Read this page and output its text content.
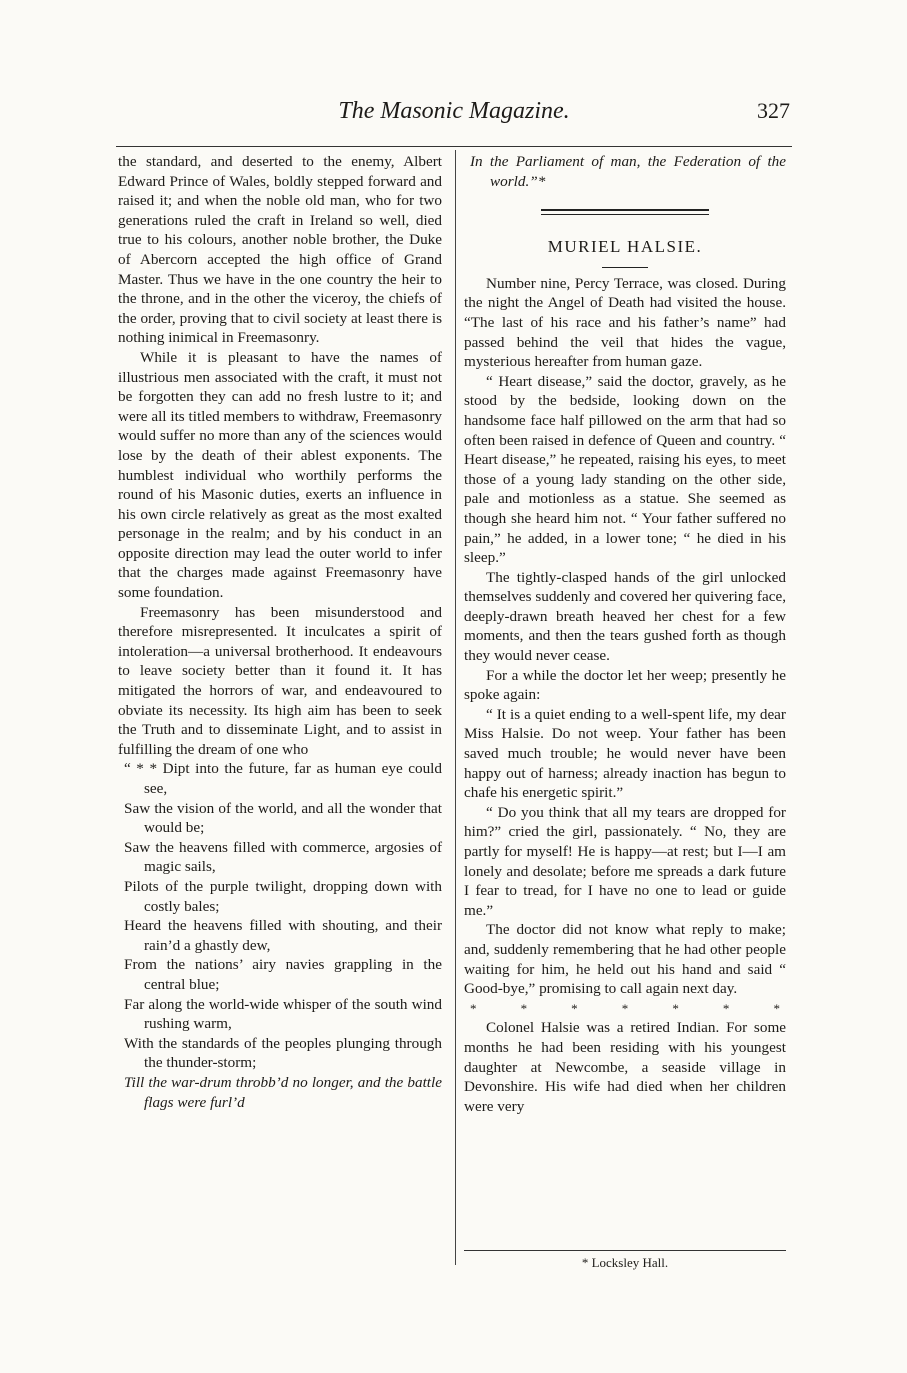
The Masonic Magazine.	327

the standard, and deserted to the enemy, Albert Edward Prince of Wales, boldly stepped forward and raised it; and when the noble old man, who for two generations ruled the craft in Ireland so well, died true to his colours, another noble brother, the Duke of Abercorn accepted the high office of Grand Master. Thus we have in the one country the heir to the throne, and in the other the viceroy, the chiefs of the order, proving that to civil society at least there is nothing inimical in Freemasonry.

While it is pleasant to have the names of illustrious men associated with the craft, it must not be forgotten they can add no fresh lustre to it; and were all its titled members to withdraw, Freemasonry would suffer no more than any of the sciences would lose by the death of their ablest exponents. The humblest individual who worthily performs the round of his Masonic duties, exerts an influence in his own circle relatively as great as the most exalted personage in the realm; and by his conduct in an opposite direction may lead the outer world to infer that the charges made against Freemasonry have some foundation.

Freemasonry has been misunderstood and therefore misrepresented. It inculcates a spirit of intoleration—a universal brotherhood. It endeavours to leave society better than it found it. It has mitigated the horrors of war, and endeavoured to obviate its necessity. Its high aim has been to seek the Truth and to disseminate Light, and to assist in fulfilling the dream of one who

“ * * Dipt into the future, far as human eye could see,

Saw the vision of the world, and all the wonder that would be;

Saw the heavens filled with commerce, argosies of magic sails,

Pilots of the purple twilight, dropping down with costly bales;

Heard the heavens filled with shouting, and their rain’d a ghastly dew,

From the nations’ airy navies grappling in the central blue;

Far along the world-wide whisper of the south wind rushing warm,

With the standards of the peoples plunging through the thunder-storm;

Till the war-drum throbb’d no longer, and the battle flags were furl’d

In the Parliament of man, the Federation of the world.”*

MURIEL HALSIE.

Number nine, Percy Terrace, was closed. During the night the Angel of Death had visited the house. “The last of his race and his father’s name” had passed behind the veil that hides the vague, mysterious hereafter from human gaze.

“ Heart disease,” said the doctor, gravely, as he stood by the bedside, looking down on the handsome face half pillowed on the arm that had so often been raised in defence of Queen and country. “ Heart disease,” he repeated, raising his eyes, to meet those of a young lady standing on the other side, pale and motionless as a statue. She seemed as though she heard him not. “ Your father suffered no pain,” he added, in a lower tone; “ he died in his sleep.”

The tightly-clasped hands of the girl unlocked themselves suddenly and covered her quivering face, deeply-drawn breath heaved her chest for a few moments, and then the tears gushed forth as though they would never cease.

For a while the doctor let her weep; presently he spoke again:

“ It is a quiet ending to a well-spent life, my dear Miss Halsie. Do not weep. Your father has been saved much trouble; he would never have been happy out of harness; already inaction has begun to chafe his energetic spirit.”

“ Do you think that all my tears are dropped for him?” cried the girl, passionately. “ No, they are partly for myself! He is happy—at rest; but I—I am lonely and desolate; before me spreads a dark future I fear to tread, for I have no one to lead or guide me.”

The doctor did not know what reply to make; and, suddenly remembering that he had other people waiting for him, he held out his hand and said “ Good-bye,” promising to call again next day.

*	*	*	*	*	*	*

Colonel Halsie was a retired Indian. For some months he had been residing with his youngest daughter at Newcombe, a seaside village in Devonshire. His wife had died when her children were very

* Locksley Hall.
